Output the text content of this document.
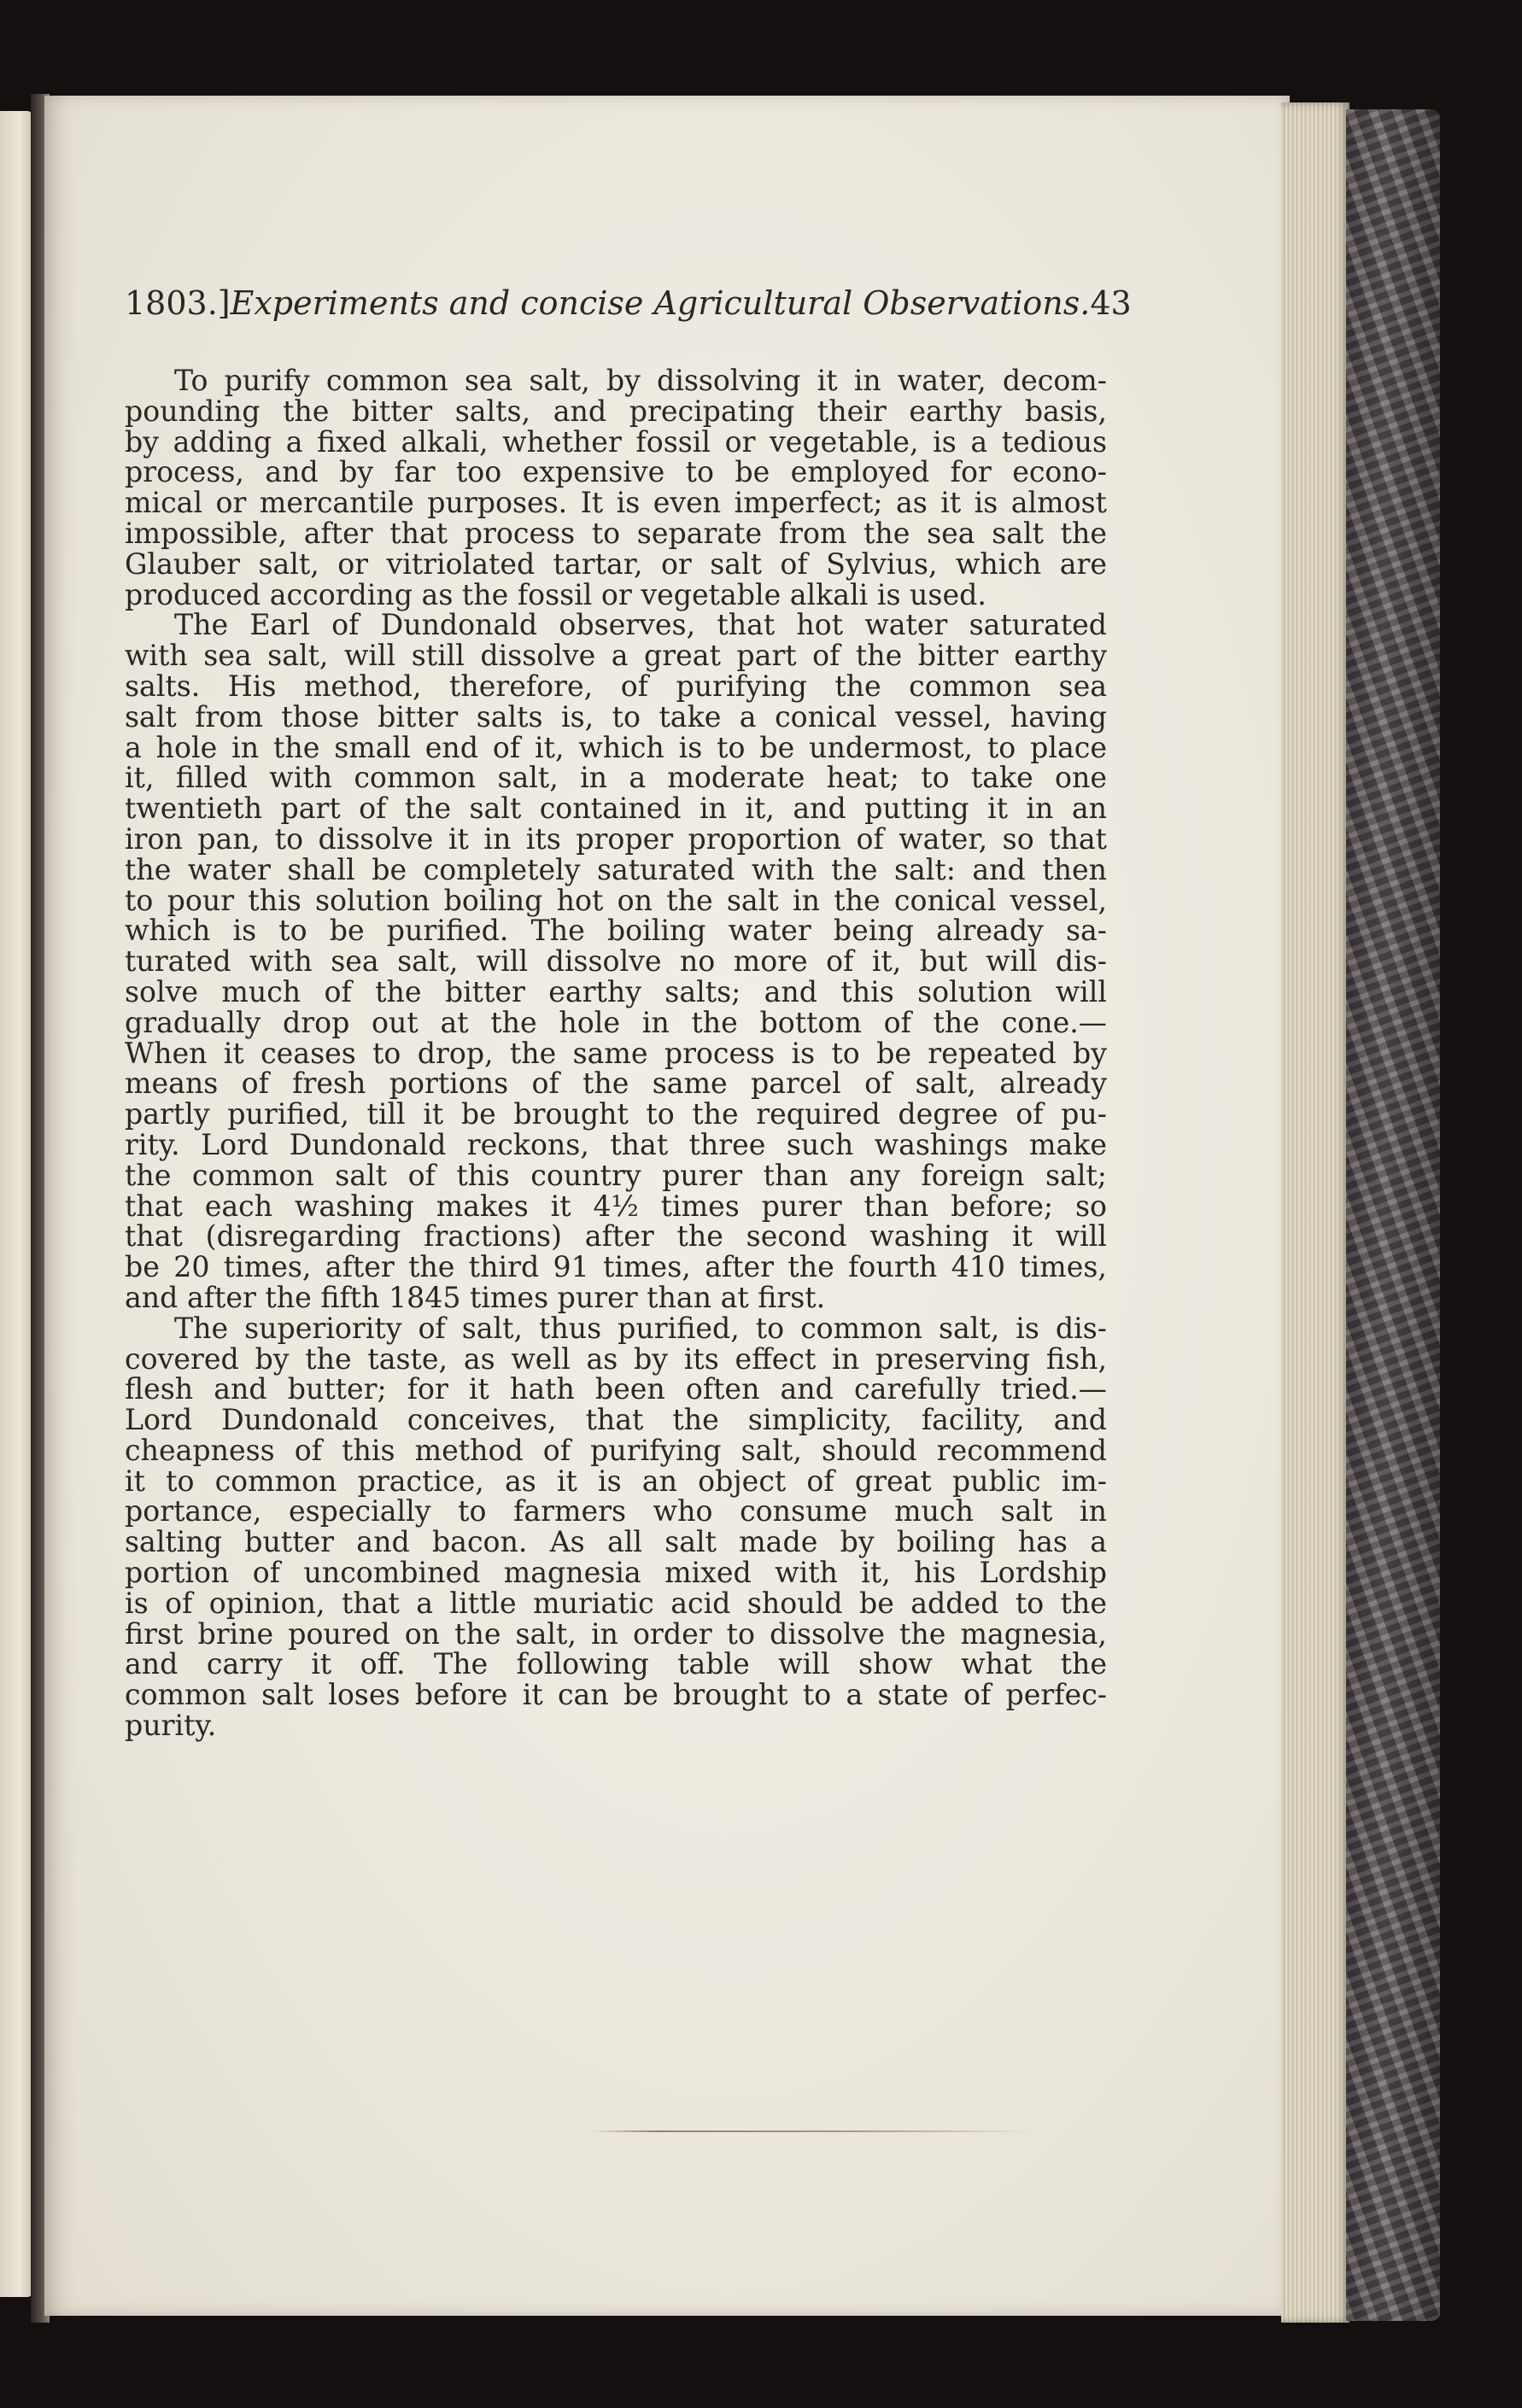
1803.] Experiments and concise Agricultural Observations. 43

To purify common sea salt, by dissolving it in water, decom-
pounding the bitter salts, and precipating their earthy basis,
by adding a fixed alkali, whether fossil or vegetable, is a tedious
process, and by far too expensive to be employed for econo-
mical or mercantile purposes. It is even imperfect; as it is almost
impossible, after that process to separate from the sea salt the
Glauber salt, or vitriolated tartar, or salt of Sylvius, which are
produced according as the fossil or vegetable alkali is used.

The Earl of Dundonald observes, that hot water saturated
with sea salt, will still dissolve a great part of the bitter earthy
salts. His method, therefore, of purifying the common sea
salt from those bitter salts is, to take a conical vessel, having
a hole in the small end of it, which is to be undermost, to place
it, filled with common salt, in a moderate heat; to take one
twentieth part of the salt contained in it, and putting it in an
iron pan, to dissolve it in its proper proportion of water, so that
the water shall be completely saturated with the salt: and then
to pour this solution boiling hot on the salt in the conical vessel,
which is to be purified. The boiling water being already sa-
turated with sea salt, will dissolve no more of it, but will dis-
solve much of the bitter earthy salts; and this solution will
gradually drop out at the hole in the bottom of the cone.—
When it ceases to drop, the same process is to be repeated by
means of fresh portions of the same parcel of salt, already
partly purified, till it be brought to the required degree of pu-
rity. Lord Dundonald reckons, that three such washings make
the common salt of this country purer than any foreign salt;
that each washing makes it 4½ times purer than before; so
that (disregarding fractions) after the second washing it will
be 20 times, after the third 91 times, after the fourth 410 times,
and after the fifth 1845 times purer than at first.

The superiority of salt, thus purified, to common salt, is dis-
covered by the taste, as well as by its effect in preserving fish,
flesh and butter; for it hath been often and carefully tried.—
Lord Dundonald conceives, that the simplicity, facility, and
cheapness of this method of purifying salt, should recommend
it to common practice, as it is an object of great public im-
portance, especially to farmers who consume much salt in
salting butter and bacon. As all salt made by boiling has a
portion of uncombined magnesia mixed with it, his Lordship
is of opinion, that a little muriatic acid should be added to the
first brine poured on the salt, in order to dissolve the magnesia,
and carry it off. The following table will show what the
common salt loses before it can be brought to a state of perfec-
purity.
